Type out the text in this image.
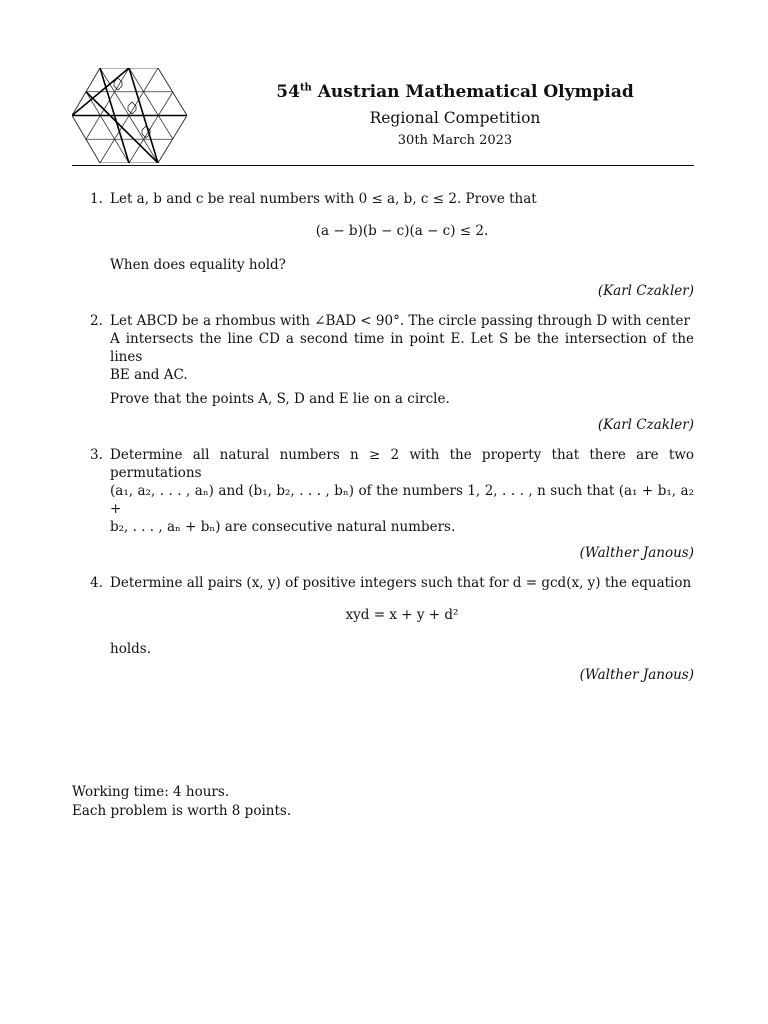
54th Austrian Mathematical Olympiad
Regional Competition
30th March 2023
1. Let a, b and c be real numbers with 0 ≤ a, b, c ≤ 2. Prove that

(a − b)(b − c)(a − c) ≤ 2.

When does equality hold?

(Karl Czakler)
2. Let ABCD be a rhombus with ∠BAD < 90°. The circle passing through D with center

A intersects the line CD a second time in point E. Let S be the intersection of the lines

BE and AC.

Prove that the points A, S, D and E lie on a circle.

(Karl Czakler)
3. Determine all natural numbers n ≥ 2 with the property that there are two permutations

(a₁, a₂, . . . , aₙ) and (b₁, b₂, . . . , bₙ) of the numbers 1, 2, . . . , n such that (a₁ + b₁, a₂ +

b₂, . . . , aₙ + bₙ) are consecutive natural numbers.

(Walther Janous)
4. Determine all pairs (x, y) of positive integers such that for d = gcd(x, y) the equation

xyd = x + y + d²

holds.

(Walther Janous)
Working time: 4 hours.
Each problem is worth 8 points.
